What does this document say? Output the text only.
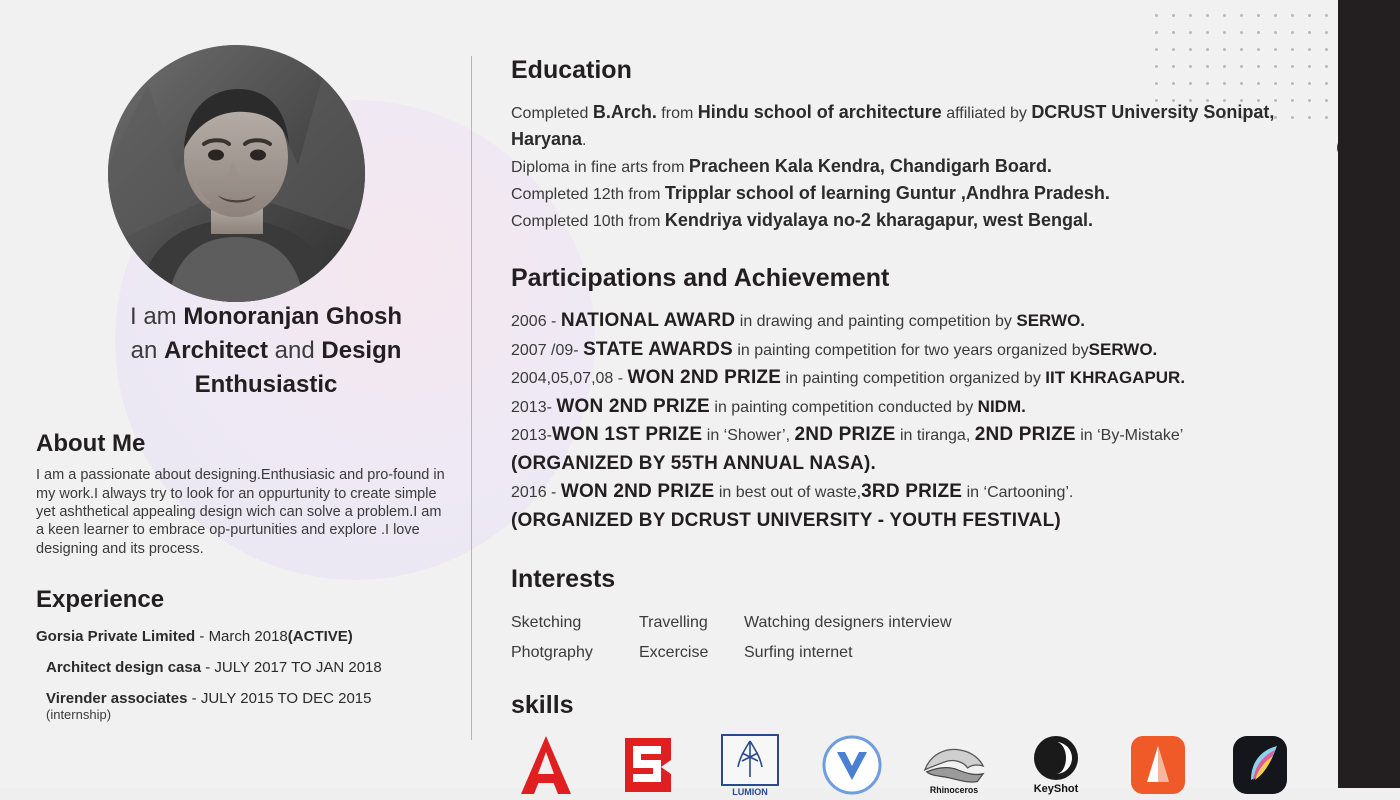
C V
I am Monoranjan Ghosh
an Architect and Design Enthusiastic
About Me
I am a passionate about designing.Enthusiasic and pro-found in my work.I always try to look for an oppurtunity to create simple yet ashthetical appealing design wich can solve a problem.I am a keen learner to embrace op-purtunities and explore .I love designing and its process.
Experience
Gorsia Private Limited - March 2018(ACTIVE)
Architect design casa - JULY 2017 TO JAN 2018
Virender associates - JULY 2015 TO DEC 2015
(internship)
Education
Completed B.Arch. from Hindu school of architecture affiliated by DCRUST University Sonipat, Haryana.
Diploma in fine arts from Pracheen Kala Kendra, Chandigarh Board.
Completed 12th from Tripplar school of learning Guntur ,Andhra Pradesh.
Completed 10th from Kendriya vidyalaya no-2 kharagapur, west Bengal.
Participations and Achievement
2006 - NATIONAL AWARD in drawing and painting competition by SERWO.
2007 /09- STATE AWARDS in painting competition for two years organized bySERWO.
2004,05,07,08 - WON 2ND PRIZE in painting competition organized by IIT KHRAGAPUR.
2013- WON 2ND PRIZE in painting competition conducted by NIDM.
2013-WON 1ST PRIZE in ‘Shower’, 2ND PRIZE in tiranga, 2ND PRIZE in ‘By-Mistake’
(ORGANIZED BY 55TH ANNUAL NASA).
2016 - WON 2ND PRIZE in best out of waste,3RD PRIZE in ‘Cartooning’.
(ORGANIZED BY DCRUST UNIVERSITY - YOUTH FESTIVAL)
Interests
Sketching	Travelling	Watching designers interview
Photgraphy	Excercise	Surfing internet
skills
LUMION	Rhinoceros	KeyShot
